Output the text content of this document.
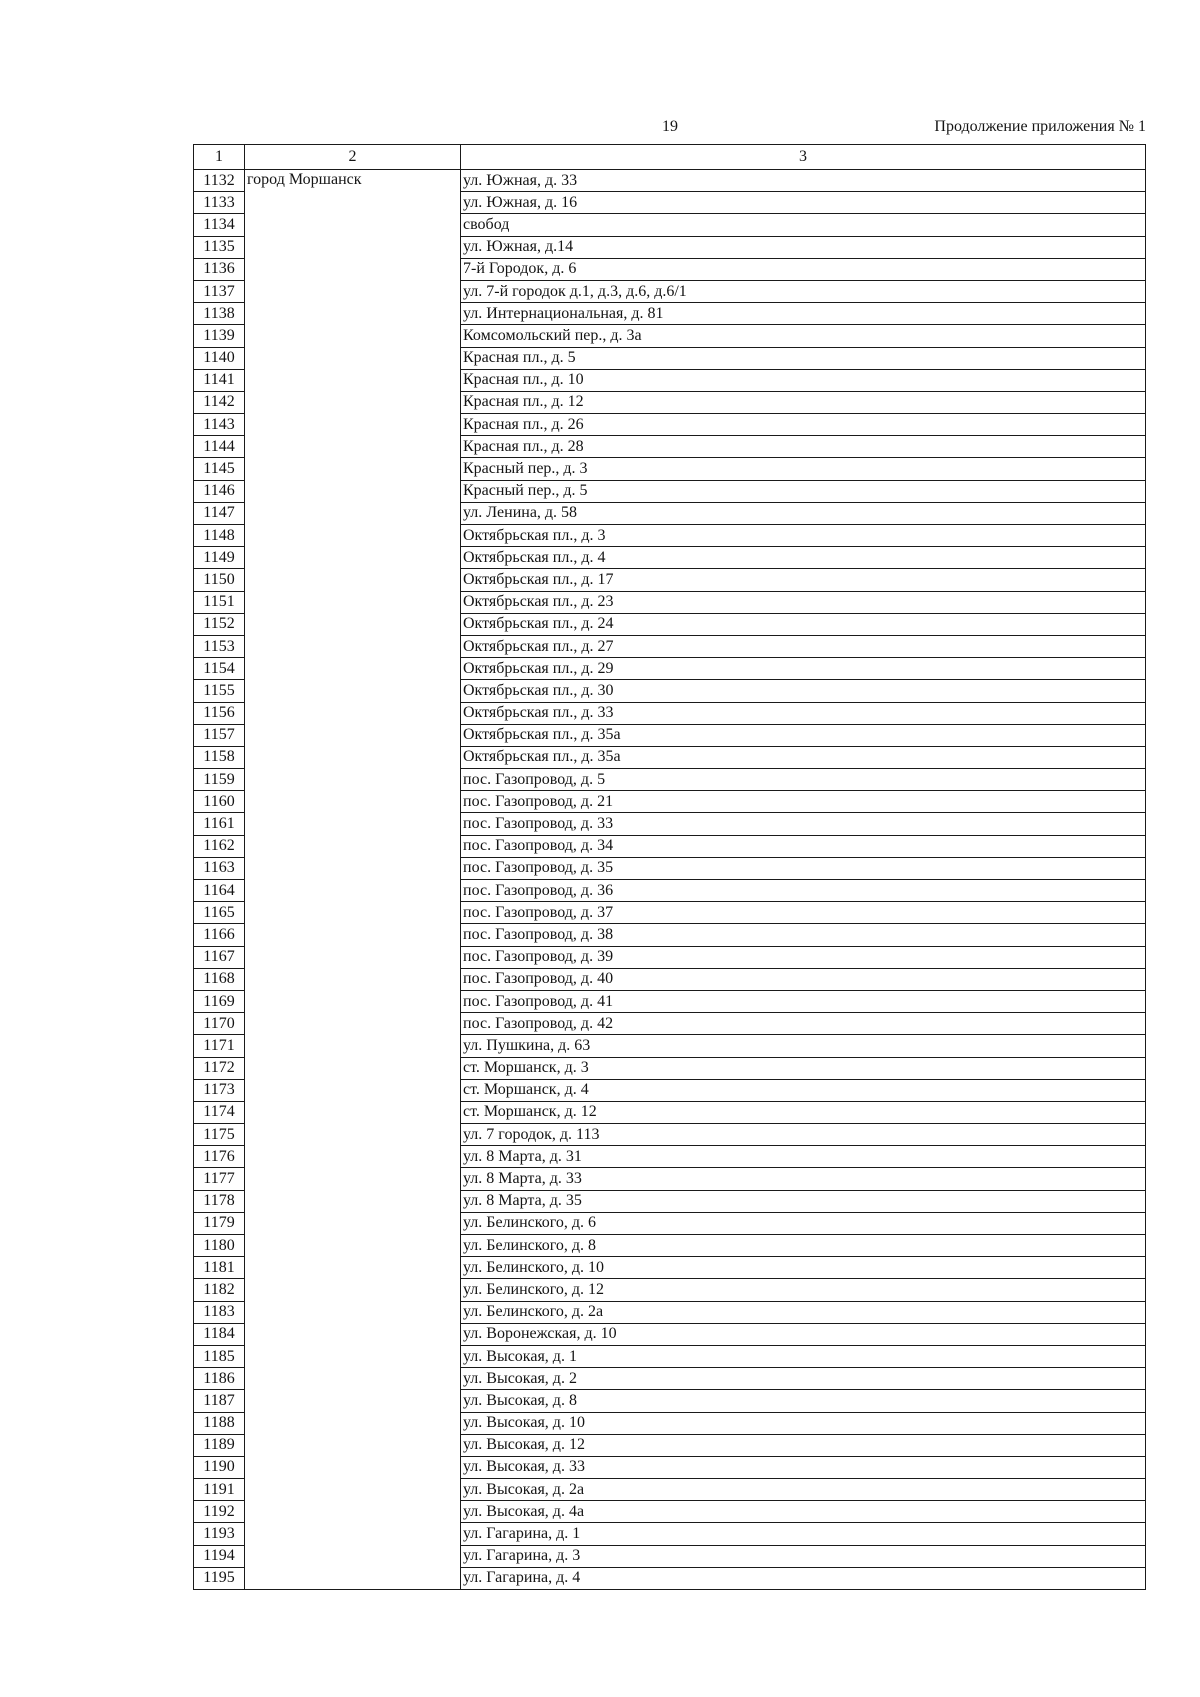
19	Продолжение приложения № 1
1	2	3
1132	город Моршанск	ул. Южная, д. 33
1133		ул. Южная, д. 16
1134		свобод
1135		ул. Южная, д.14
1136		7-й Городок, д. 6
1137		ул. 7-й городок д.1, д.3, д.6, д.6/1
1138		ул. Интернациональная, д. 81
1139		Комсомольский пер., д. 3а
1140		Красная пл., д. 5
1141		Красная пл., д. 10
1142		Красная пл., д. 12
1143		Красная пл., д. 26
1144		Красная пл., д. 28
1145		Красный пер., д. 3
1146		Красный пер., д. 5
1147		ул. Ленина, д. 58
1148		Октябрьская пл., д. 3
1149		Октябрьская пл., д. 4
1150		Октябрьская пл., д. 17
1151		Октябрьская пл., д. 23
1152		Октябрьская пл., д. 24
1153		Октябрьская пл., д. 27
1154		Октябрьская пл., д. 29
1155		Октябрьская пл., д. 30
1156		Октябрьская пл., д. 33
1157		Октябрьская пл., д. 35а
1158		Октябрьская пл., д. 35а
1159		пос. Газопровод, д. 5
1160		пос. Газопровод, д. 21
1161		пос. Газопровод, д. 33
1162		пос. Газопровод, д. 34
1163		пос. Газопровод, д. 35
1164		пос. Газопровод, д. 36
1165		пос. Газопровод, д. 37
1166		пос. Газопровод, д. 38
1167		пос. Газопровод, д. 39
1168		пос. Газопровод, д. 40
1169		пос. Газопровод, д. 41
1170		пос. Газопровод, д. 42
1171		ул. Пушкина, д. 63
1172		ст. Моршанск, д. 3
1173		ст. Моршанск, д. 4
1174		ст. Моршанск, д. 12
1175		ул. 7 городок, д. 113
1176		ул. 8 Марта, д. 31
1177		ул. 8 Марта, д. 33
1178		ул. 8 Марта, д. 35
1179		ул. Белинского, д. 6
1180		ул. Белинского, д. 8
1181		ул. Белинского, д. 10
1182		ул. Белинского, д. 12
1183		ул. Белинского, д. 2а
1184		ул. Воронежская, д. 10
1185		ул. Высокая, д. 1
1186		ул. Высокая, д. 2
1187		ул. Высокая, д. 8
1188		ул. Высокая, д. 10
1189		ул. Высокая, д. 12
1190		ул. Высокая, д. 33
1191		ул. Высокая, д. 2а
1192		ул. Высокая, д. 4а
1193		ул. Гагарина, д. 1
1194		ул. Гагарина, д. 3
1195		ул. Гагарина, д. 4
